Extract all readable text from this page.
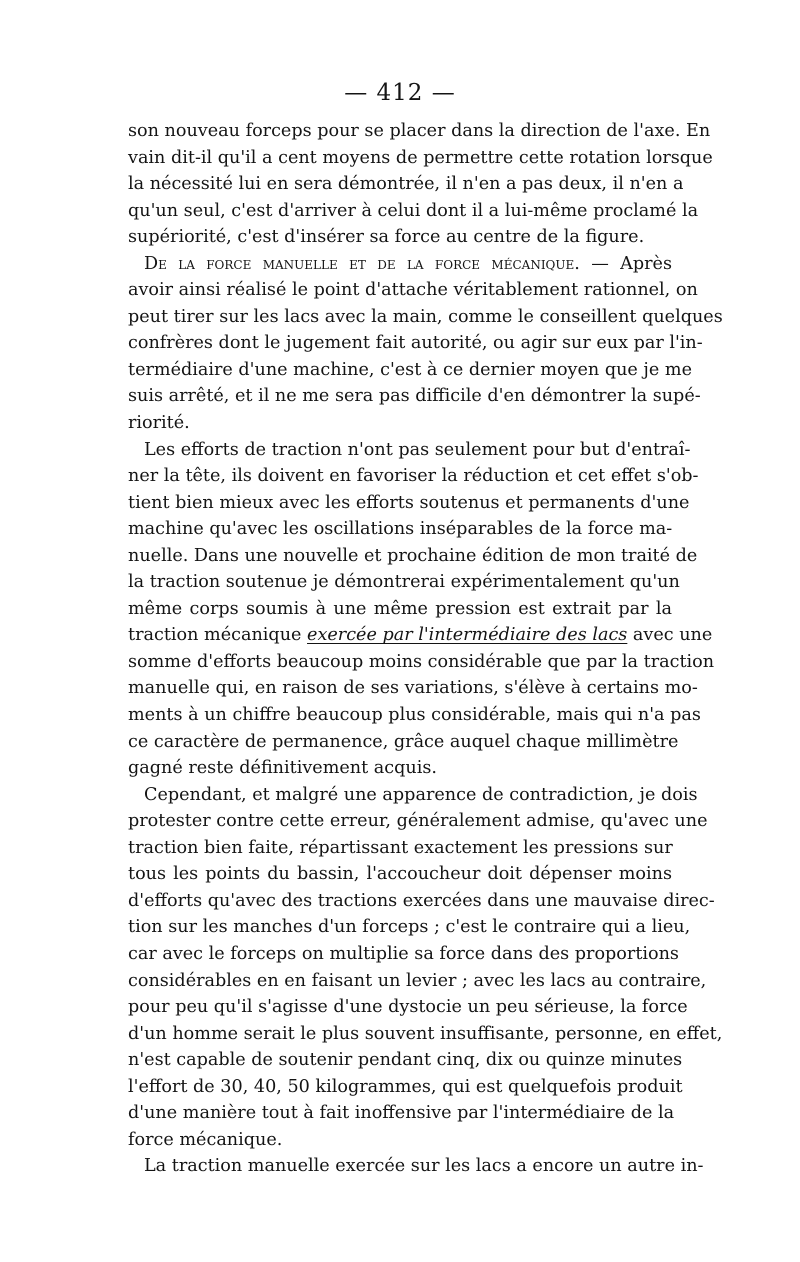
— 412 —
son nouveau forceps pour se placer dans la direction de l'axe. En
vain dit-il qu'il a cent moyens de permettre cette rotation lorsque
la nécessité lui en sera démontrée, il n'en a pas deux, il n'en a
qu'un seul, c'est d'arriver à celui dont il a lui-même proclamé la
supériorité, c'est d'insérer sa force au centre de la figure.
De la force manuelle et de la force mécanique. — Après
avoir ainsi réalisé le point d'attache véritablement rationnel, on
peut tirer sur les lacs avec la main, comme le conseillent quelques
confrères dont le jugement fait autorité, ou agir sur eux par l'in-
termédiaire d'une machine, c'est à ce dernier moyen que je me
suis arrêté, et il ne me sera pas difficile d'en démontrer la supé-
riorité.
Les efforts de traction n'ont pas seulement pour but d'entraî-
ner la tête, ils doivent en favoriser la réduction et cet effet s'ob-
tient bien mieux avec les efforts soutenus et permanents d'une
machine qu'avec les oscillations inséparables de la force ma-
nuelle. Dans une nouvelle et prochaine édition de mon traité de
la traction soutenue je démontrerai expérimentalement qu'un
même corps soumis à une même pression est extrait par la
traction mécanique exercée par l'intermédiaire des lacs avec une
somme d'efforts beaucoup moins considérable que par la traction
manuelle qui, en raison de ses variations, s'élève à certains mo-
ments à un chiffre beaucoup plus considérable, mais qui n'a pas
ce caractère de permanence, grâce auquel chaque millimètre
gagné reste définitivement acquis.
Cependant, et malgré une apparence de contradiction, je dois
protester contre cette erreur, généralement admise, qu'avec une
traction bien faite, répartissant exactement les pressions sur
tous les points du bassin, l'accoucheur doit dépenser moins
d'efforts qu'avec des tractions exercées dans une mauvaise direc-
tion sur les manches d'un forceps ; c'est le contraire qui a lieu,
car avec le forceps on multiplie sa force dans des proportions
considérables en en faisant un levier ; avec les lacs au contraire,
pour peu qu'il s'agisse d'une dystocie un peu sérieuse, la force
d'un homme serait le plus souvent insuffisante, personne, en effet,
n'est capable de soutenir pendant cinq, dix ou quinze minutes
l'effort de 30, 40, 50 kilogrammes, qui est quelquefois produit
d'une manière tout à fait inoffensive par l'intermédiaire de la
force mécanique.
La traction manuelle exercée sur les lacs a encore un autre in-
